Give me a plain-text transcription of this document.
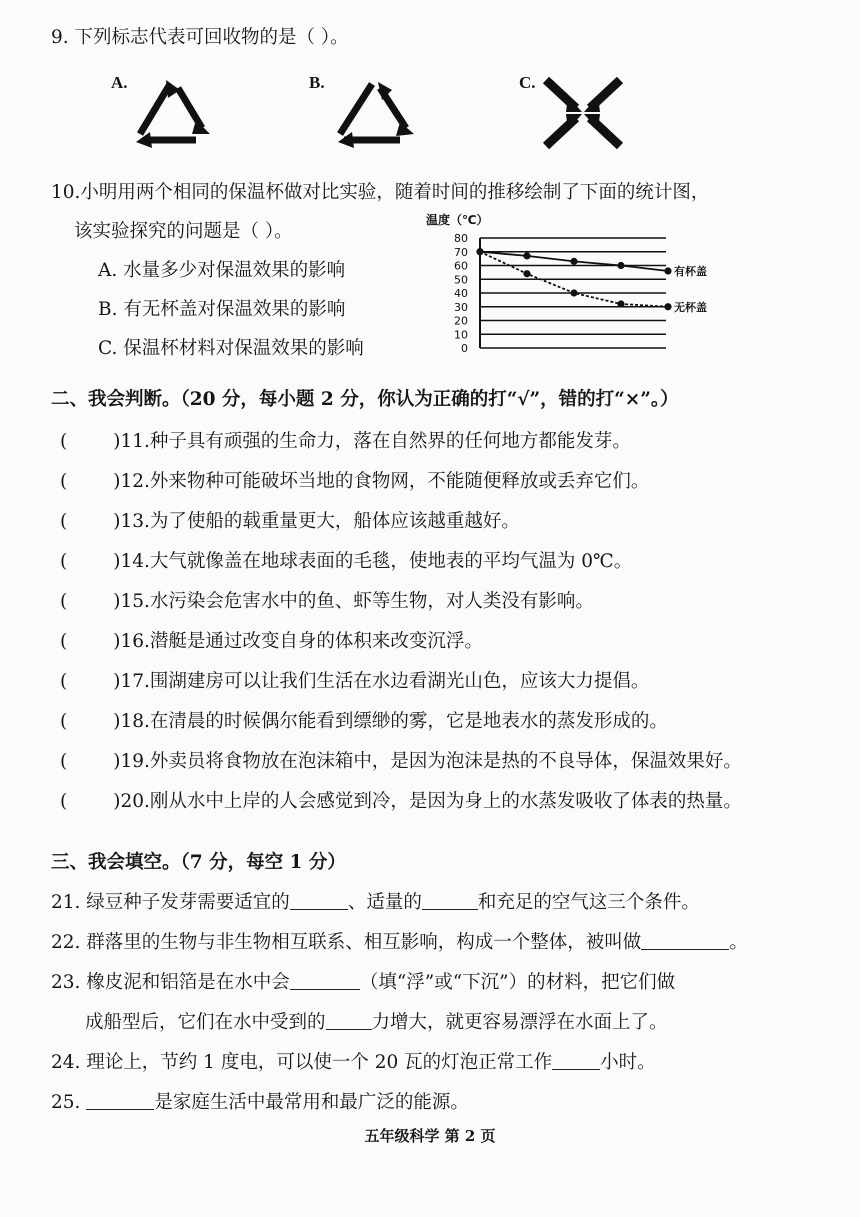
9. 下列标志代表可回收物的是（ ）。
A.	B.	C.
10.小明用两个相同的保温杯做对比实验，随着时间的推移绘制了下面的统计图，
该实验探究的问题是（ ）。
A. 水量多少对保温效果的影响
B. 有无杯盖对保温效果的影响
C. 保温杯材料对保温效果的影响
温度（℃）
80
70
60
50
40
30
20
10
0
有杯盖
无杯盖
二、我会判断。（20 分，每小题 2 分，你认为正确的打“√”，错的打“×”。）
( )11.种子具有顽强的生命力，落在自然界的任何地方都能发芽。
( )12.外来物种可能破坏当地的食物网，不能随便释放或丢弃它们。
( )13.为了使船的载重量更大，船体应该越重越好。
( )14.大气就像盖在地球表面的毛毯，使地表的平均气温为 0℃。
( )15.水污染会危害水中的鱼、虾等生物，对人类没有影响。
( )16.潜艇是通过改变自身的体积来改变沉浮。
( )17.围湖建房可以让我们生活在水边看湖光山色，应该大力提倡。
( )18.在清晨的时候偶尔能看到缥缈的雾，它是地表水的蒸发形成的。
( )19.外卖员将食物放在泡沫箱中，是因为泡沫是热的不良导体，保温效果好。
( )20.刚从水中上岸的人会感觉到冷，是因为身上的水蒸发吸收了体表的热量。
三、我会填空。（7 分，每空 1 分）
21. 绿豆种子发芽需要适宜的	、适量的	和充足的空气这三个条件。
22. 群落里的生物与非生物相互联系、相互影响，构成一个整体，被叫做	。
23. 橡皮泥和铝箔是在水中会	（填“浮”或“下沉”）的材料，把它们做
成船型后，它们在水中受到的 力增大，就更容易漂浮在水面上了。
24. 理论上，节约 1 度电，可以使一个 20 瓦的灯泡正常工作	小时。
25.	是家庭生活中最常用和最广泛的能源。
五年级科学 第 2 页
